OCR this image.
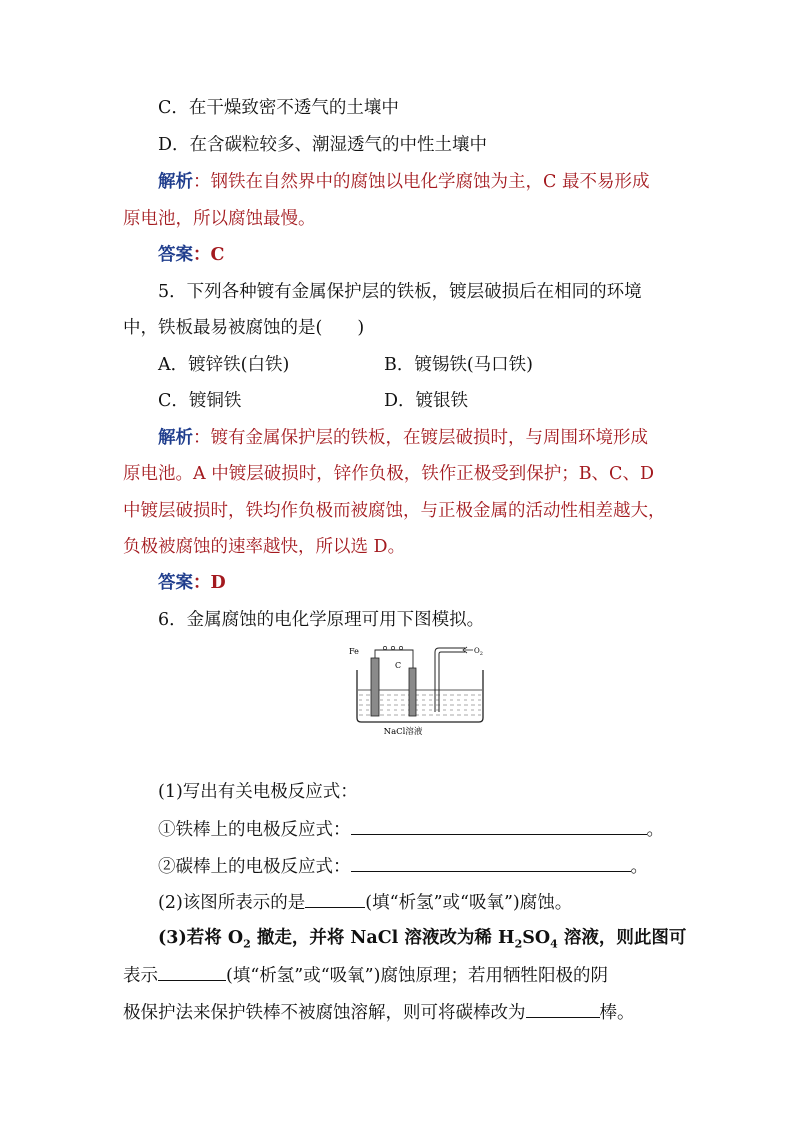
C．在干燥致密不透气的土壤中
D．在含碳粒较多、潮湿透气的中性土壤中
解析：钢铁在自然界中的腐蚀以电化学腐蚀为主，C 最不易形成
原电池，所以腐蚀最慢。
答案：C
5．下列各种镀有金属保护层的铁板，镀层破损后在相同的环境
中，铁板最易被腐蚀的是(　　)
A．镀锌铁(白铁)	B．镀锡铁(马口铁)
C．镀铜铁	D．镀银铁
解析：镀有金属保护层的铁板，在镀层破损时，与周围环境形成
原电池。A 中镀层破损时，锌作负极，铁作正极受到保护；B、C、D
中镀层破损时，铁均作负极而被腐蚀，与正极金属的活动性相差越大，
负极被腐蚀的速率越快，所以选 D。
答案：D
6．金属腐蚀的电化学原理可用下图模拟。
Fe
C
$O_2$
NaCl溶液
(1)写出有关电极反应式：
①铁棒上的电极反应式：	。
②碳棒上的电极反应式：	。
(2)该图所表示的是	(填“析氢”或“吸氧”)腐蚀。
(3)若将 $O_2$ 撤走，并将 NaCl 溶液改为稀 $H_2SO_4$ 溶液，则此图可
表示	(填“析氢”或“吸氧”)腐蚀原理；若用牺牲阳极的阴
极保护法来保护铁棒不被腐蚀溶解，则可将碳棒改为	棒。
